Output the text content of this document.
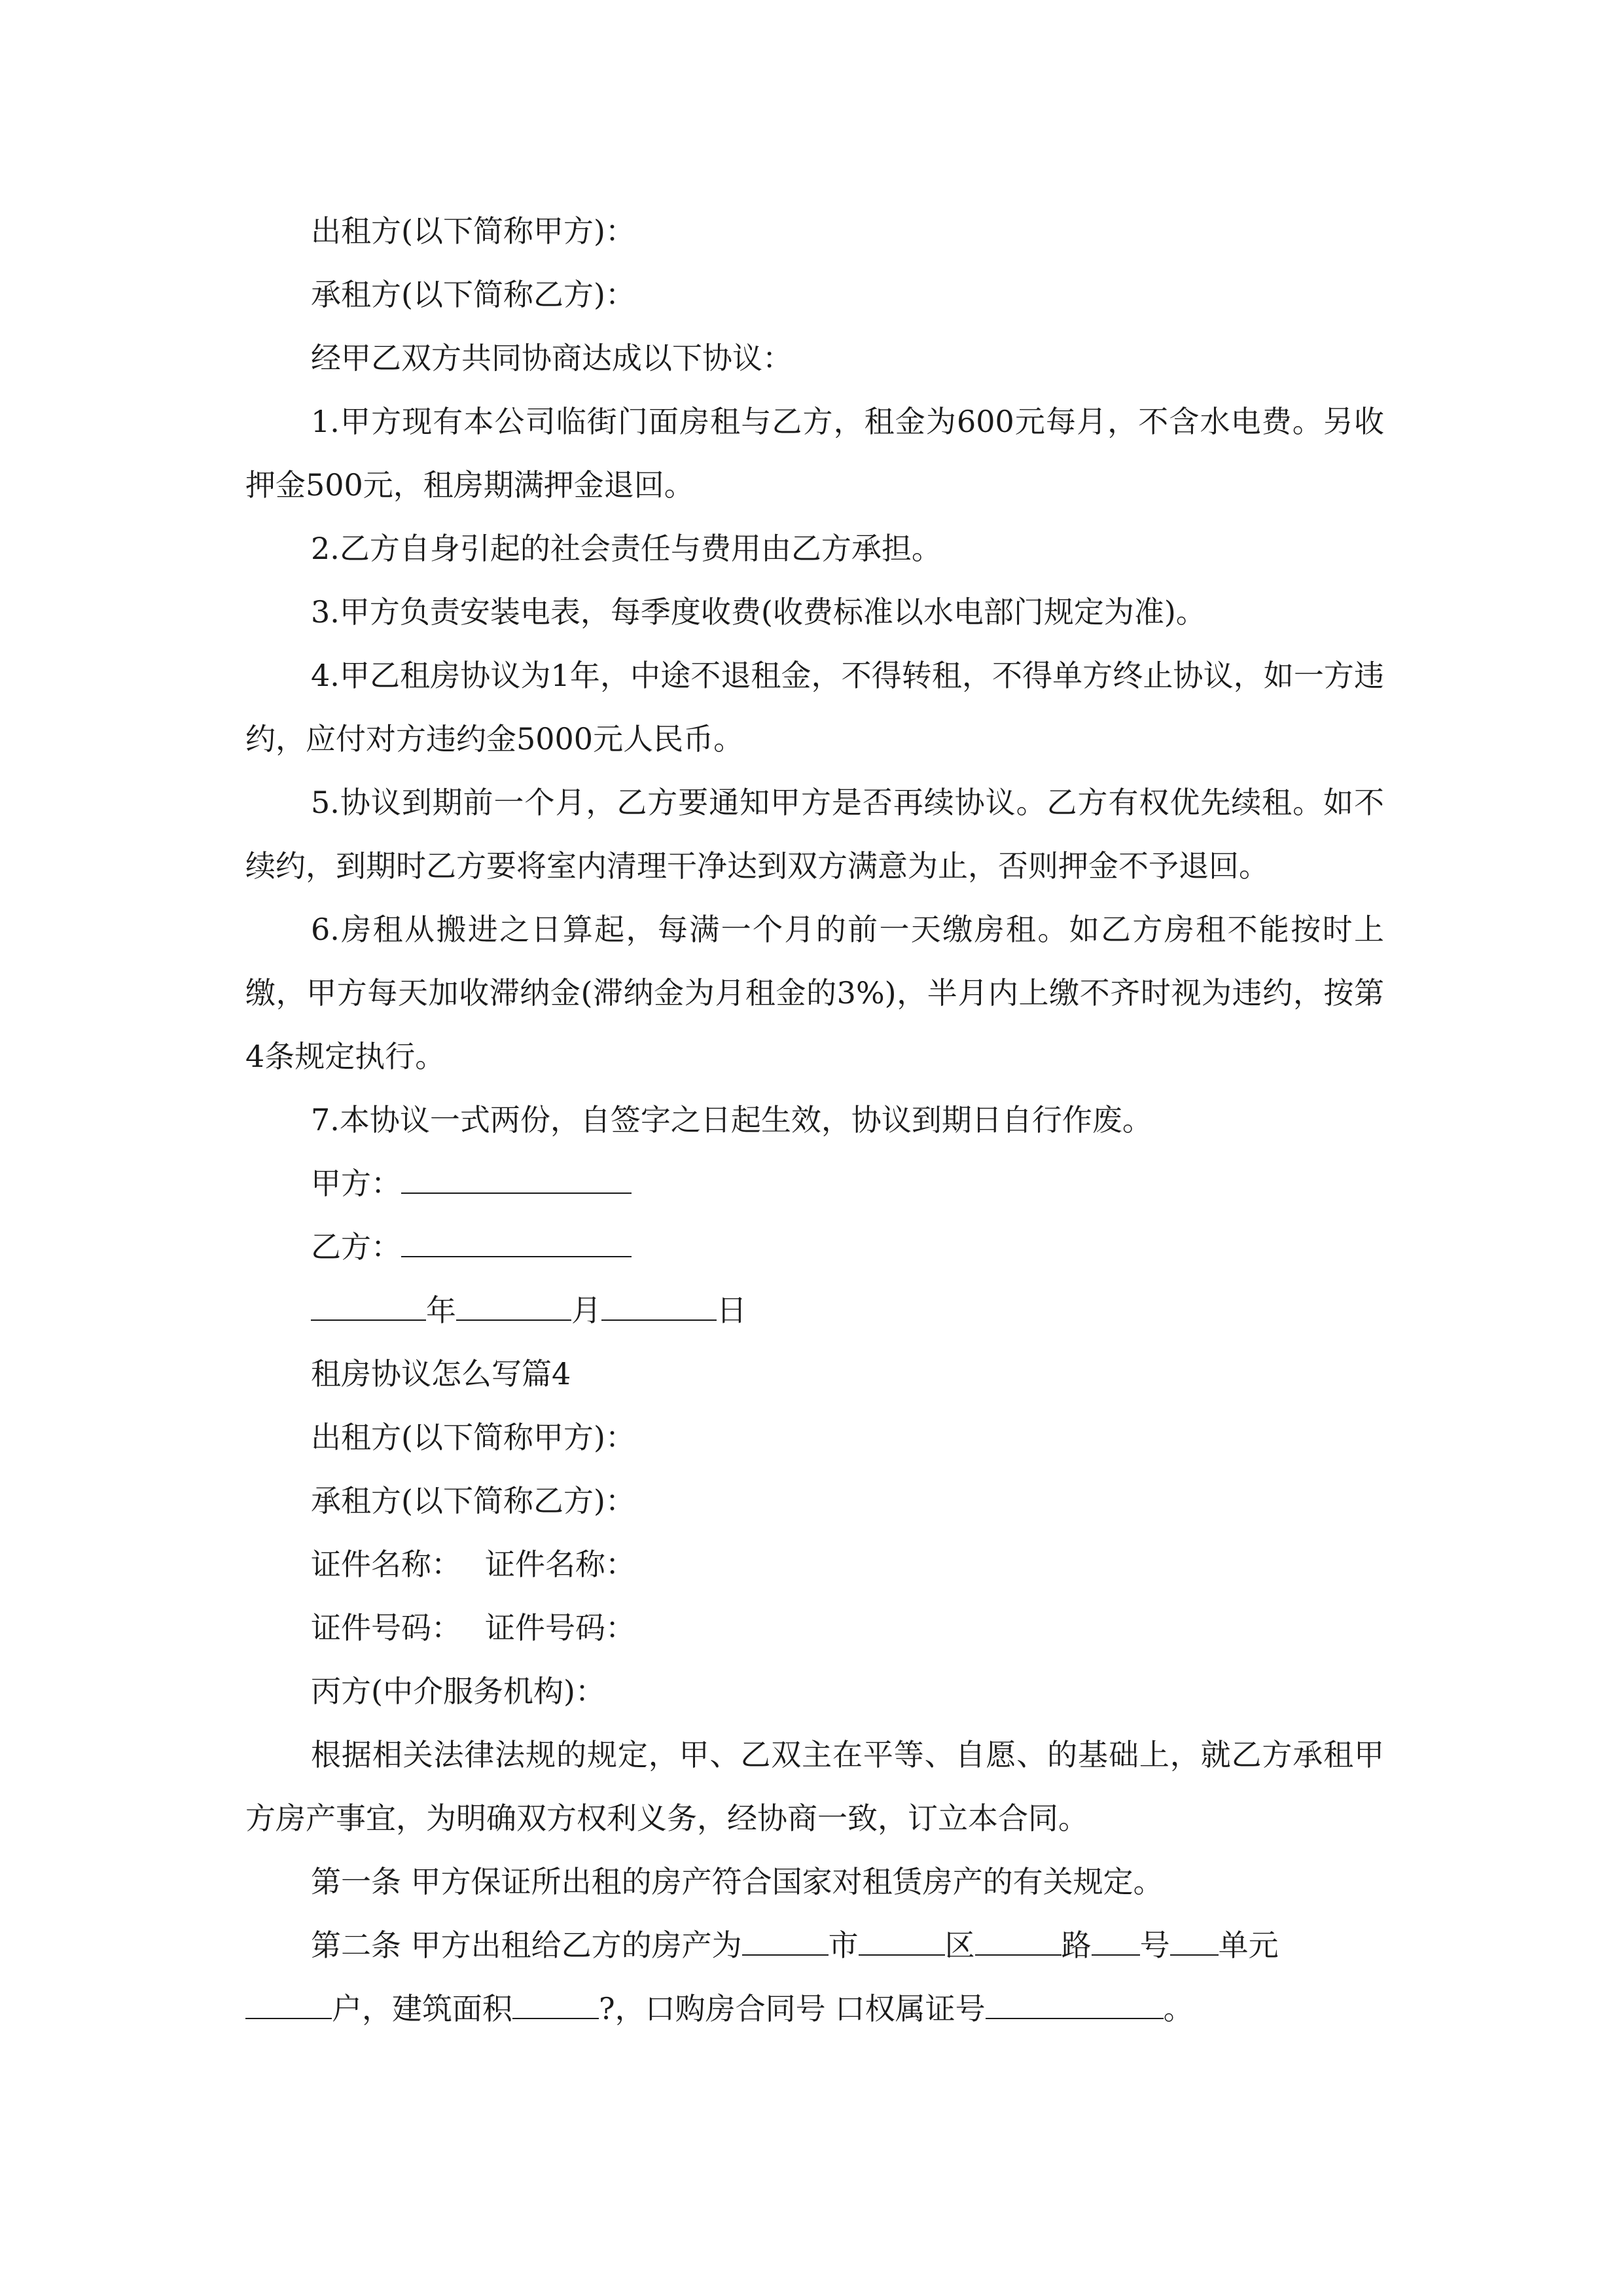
出租方(以下简称甲方)：

承租方(以下简称乙方)：

经甲乙双方共同协商达成以下协议：

1.甲方现有本公司临街门面房租与乙方，租金为600元每月，不含水电费。另收押金500元，租房期满押金退回。

2.乙方自身引起的社会责任与费用由乙方承担。

3.甲方负责安装电表，每季度收费(收费标准以水电部门规定为准)。

4.甲乙租房协议为1年，中途不退租金，不得转租，不得单方终止协议，如一方违约，应付对方违约金5000元人民币。

5.协议到期前一个月，乙方要通知甲方是否再续协议。乙方有权优先续租。如不续约，到期时乙方要将室内清理干净达到双方满意为止，否则押金不予退回。

6.房租从搬进之日算起，每满一个月的前一天缴房租。如乙方房租不能按时上缴，甲方每天加收滞纳金(滞纳金为月租金的3%)，半月内上缴不齐时视为违约，按第4条规定执行。

7.本协议一式两份，自签字之日起生效，协议到期日自行作废。

甲方：
乙方：
年	月	日

租房协议怎么写篇4

出租方(以下简称甲方)：

承租方(以下简称乙方)：

证件名称： 证件名称：
证件号码： 证件号码：

丙方(中介服务机构)：

根据相关法律法规的规定，甲、乙双主在平等、自愿、的基础上，就乙方承租甲方房产事宜，为明确双方权利义务，经协商一致，订立本合同。

第一条 甲方保证所出租的房产符合国家对租赁房产的有关规定。

第二条 甲方出租给乙方的房产为	市	区	路 号 单元
户，建筑面积	?，口购房合同号 口权属证号	。
